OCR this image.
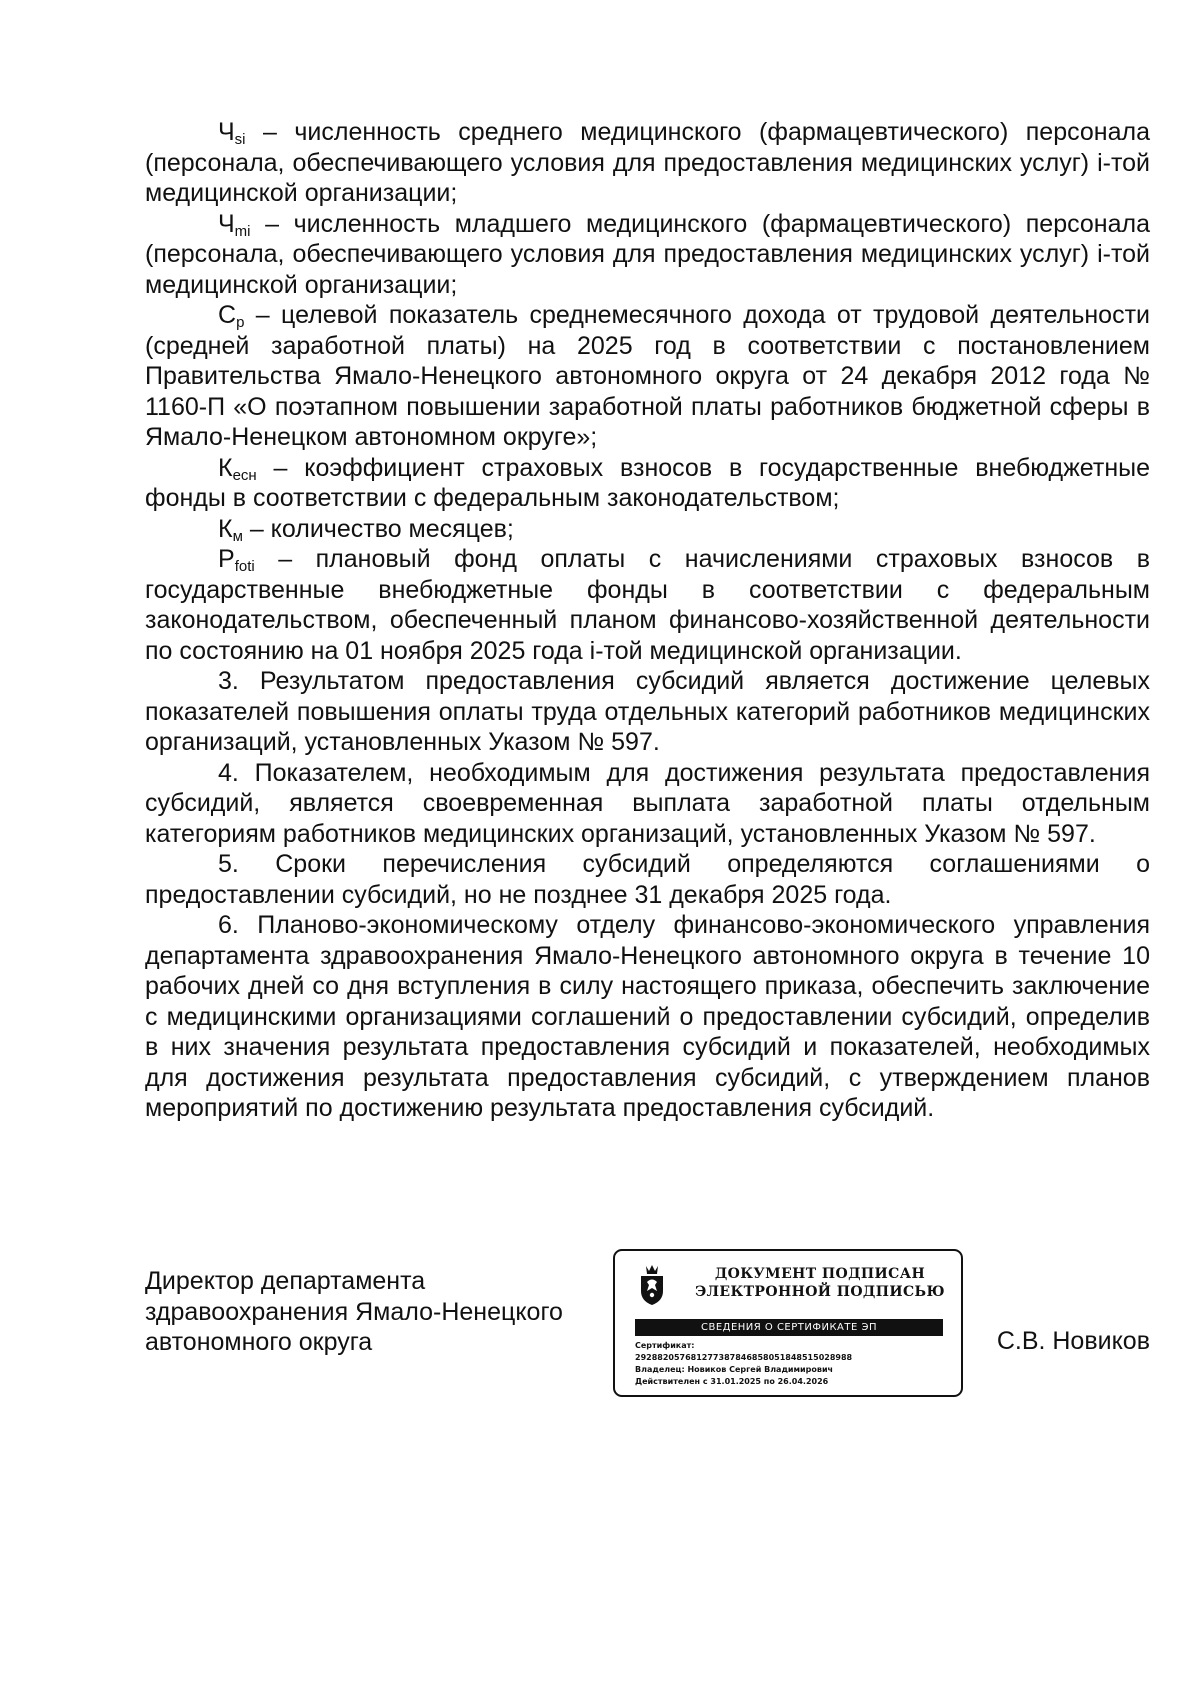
$Ч_{si}$ – численность среднего медицинского (фармацевтического) персонала (персонала, обеспечивающего условия для предоставления медицинских услуг) i-той медицинской организации;

$Ч_{mi}$ – численность младшего медицинского (фармацевтического) персонала (персонала, обеспечивающего условия для предоставления медицинских услуг) i-той медицинской организации;

$С_р$ – целевой показатель среднемесячного дохода от трудовой деятельности (средней заработной платы) на 2025 год в соответствии с постановлением Правительства Ямало-Ненецкого автономного округа от 24 декабря 2012 года № 1160-П «О поэтапном повышении заработной платы работников бюджетной сферы в Ямало-Ненецком автономном округе»;

$К_{есн}$ – коэффициент страховых взносов в государственные внебюджетные фонды в соответствии с федеральным законодательством;

$К_м$ – количество месяцев;

$Р_{foti}$ – плановый фонд оплаты с начислениями страховых взносов в государственные внебюджетные фонды в соответствии с федеральным законодательством, обеспеченный планом финансово-хозяйственной деятельности по состоянию на 01 ноября 2025 года i-той медицинской организации.

3. Результатом предоставления субсидий является достижение целевых показателей повышения оплаты труда отдельных категорий работников медицинских организаций, установленных Указом № 597.

4. Показателем, необходимым для достижения результата предоставления субсидий, является своевременная выплата заработной платы отдельным категориям работников медицинских организаций, установленных Указом № 597.

5. Сроки перечисления субсидий определяются соглашениями о предоставлении субсидий, но не позднее 31 декабря 2025 года.

6. Планово-экономическому отделу финансово-экономического управления департамента здравоохранения Ямало-Ненецкого автономного округа в течение 10 рабочих дней со дня вступления в силу настоящего приказа, обеспечить заключение с медицинскими организациями соглашений о предоставлении субсидий, определив в них значения результата предоставления субсидий и показателей, необходимых для достижения результата предоставления субсидий, с утверждением планов мероприятий по достижению результата предоставления субсидий.

Директор департамента
здравоохранения Ямало-Ненецкого
автономного округа
ДОКУМЕНТ ПОДПИСАН
ЭЛЕКТРОННОЙ ПОДПИСЬЮ
СВЕДЕНИЯ О СЕРТИФИКАТЕ ЭП
Сертификат:
292882057681277387846858051848515028988
Владелец: Новиков Сергей Владимирович
Действителен с 31.01.2025 по 26.04.2026
С.В. Новиков
